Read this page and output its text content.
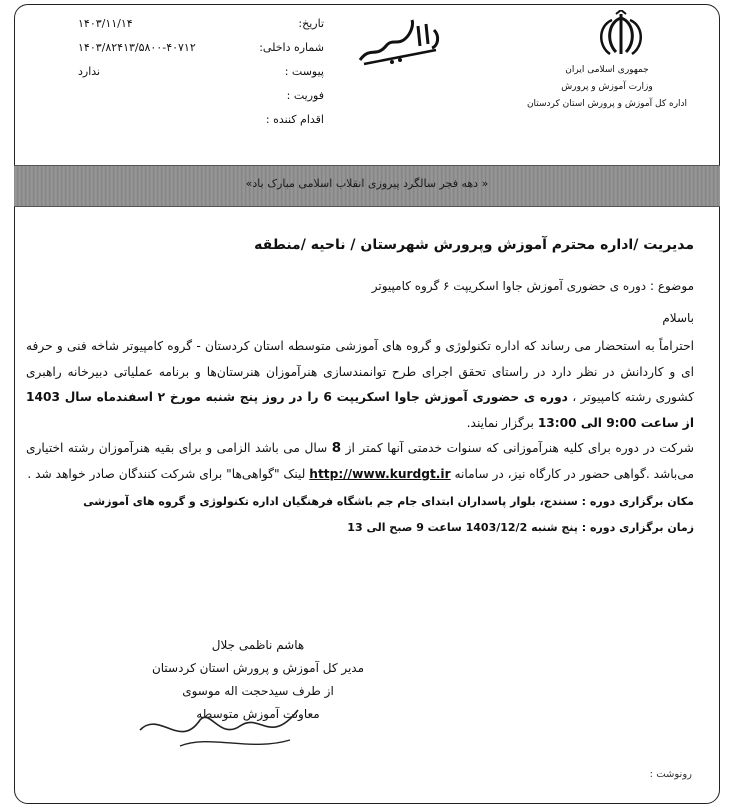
جمهوری اسلامی ایران
وزارت آموزش و پرورش
اداره کل آموزش و پرورش استان کردستان
تاریخ:
۱۴۰۳/۱۱/۱۴
شماره داخلی:
۱۴۰۳/۸۲۴۱۳/۵۸۰۰-۴۰۷۱۲
پیوست :
ندارد
فوریت :
اقدام کننده :
« دهه فجر سالگرد پیروزی انقلاب اسلامی مبارک باد»
مدیریت /اداره محترم آموزش وپرورش شهرستان / ناحیه /منطقه
موضوع : دوره ی حضوری آموزش جاوا اسکریپت ۶ گروه کامپیوتر
باسلام
احتراماً به استحضار می رساند که اداره تکنولوژی و گروه های آموزشی متوسطه استان کردستان - گروه کامپیوتر شاخه فنی و حرفه ای و کاردانش در نظر دارد در راستای تحقق اجرای طرح توانمندسازی هنرآموزان هنرستان‌ها و برنامه عملیاتی دبیرخانه راهبری کشوری رشته کامپیوتر ، دوره ی حضوری آموزش جاوا اسکریپت 6 را در روز پنج شنبه مورخ ۲ اسفندماه سال 1403 از ساعت 9:00 الی 13:00 برگزار نمایند.
شرکت در دوره برای کلیه هنرآموزانی که سنوات خدمتی آنها کمتر از 8 سال می باشد الزامی و برای بقیه هنرآموزان رشته اختیاری می‌باشد .گواهی حضور در کارگاه نیز، در سامانه http://www.kurdgt.ir لینک "گواهی‌ها" برای شرکت کنندگان صادر خواهد شد .
مکان برگزاری دوره : سنندج، بلوار پاسداران ابتدای جام جم باشگاه فرهنگیان اداره تکنولوژی و گروه های آموزشی
زمان برگزاری دوره : پنج شنبه 1403/12/2 ساعت 9 صبح الی 13
هاشم ناظمی جلال
مدیر کل آموزش و پرورش استان کردستان
از طرف سیدحجت اله موسوی
معاونت آموزش متوسطه
رونوشت :
